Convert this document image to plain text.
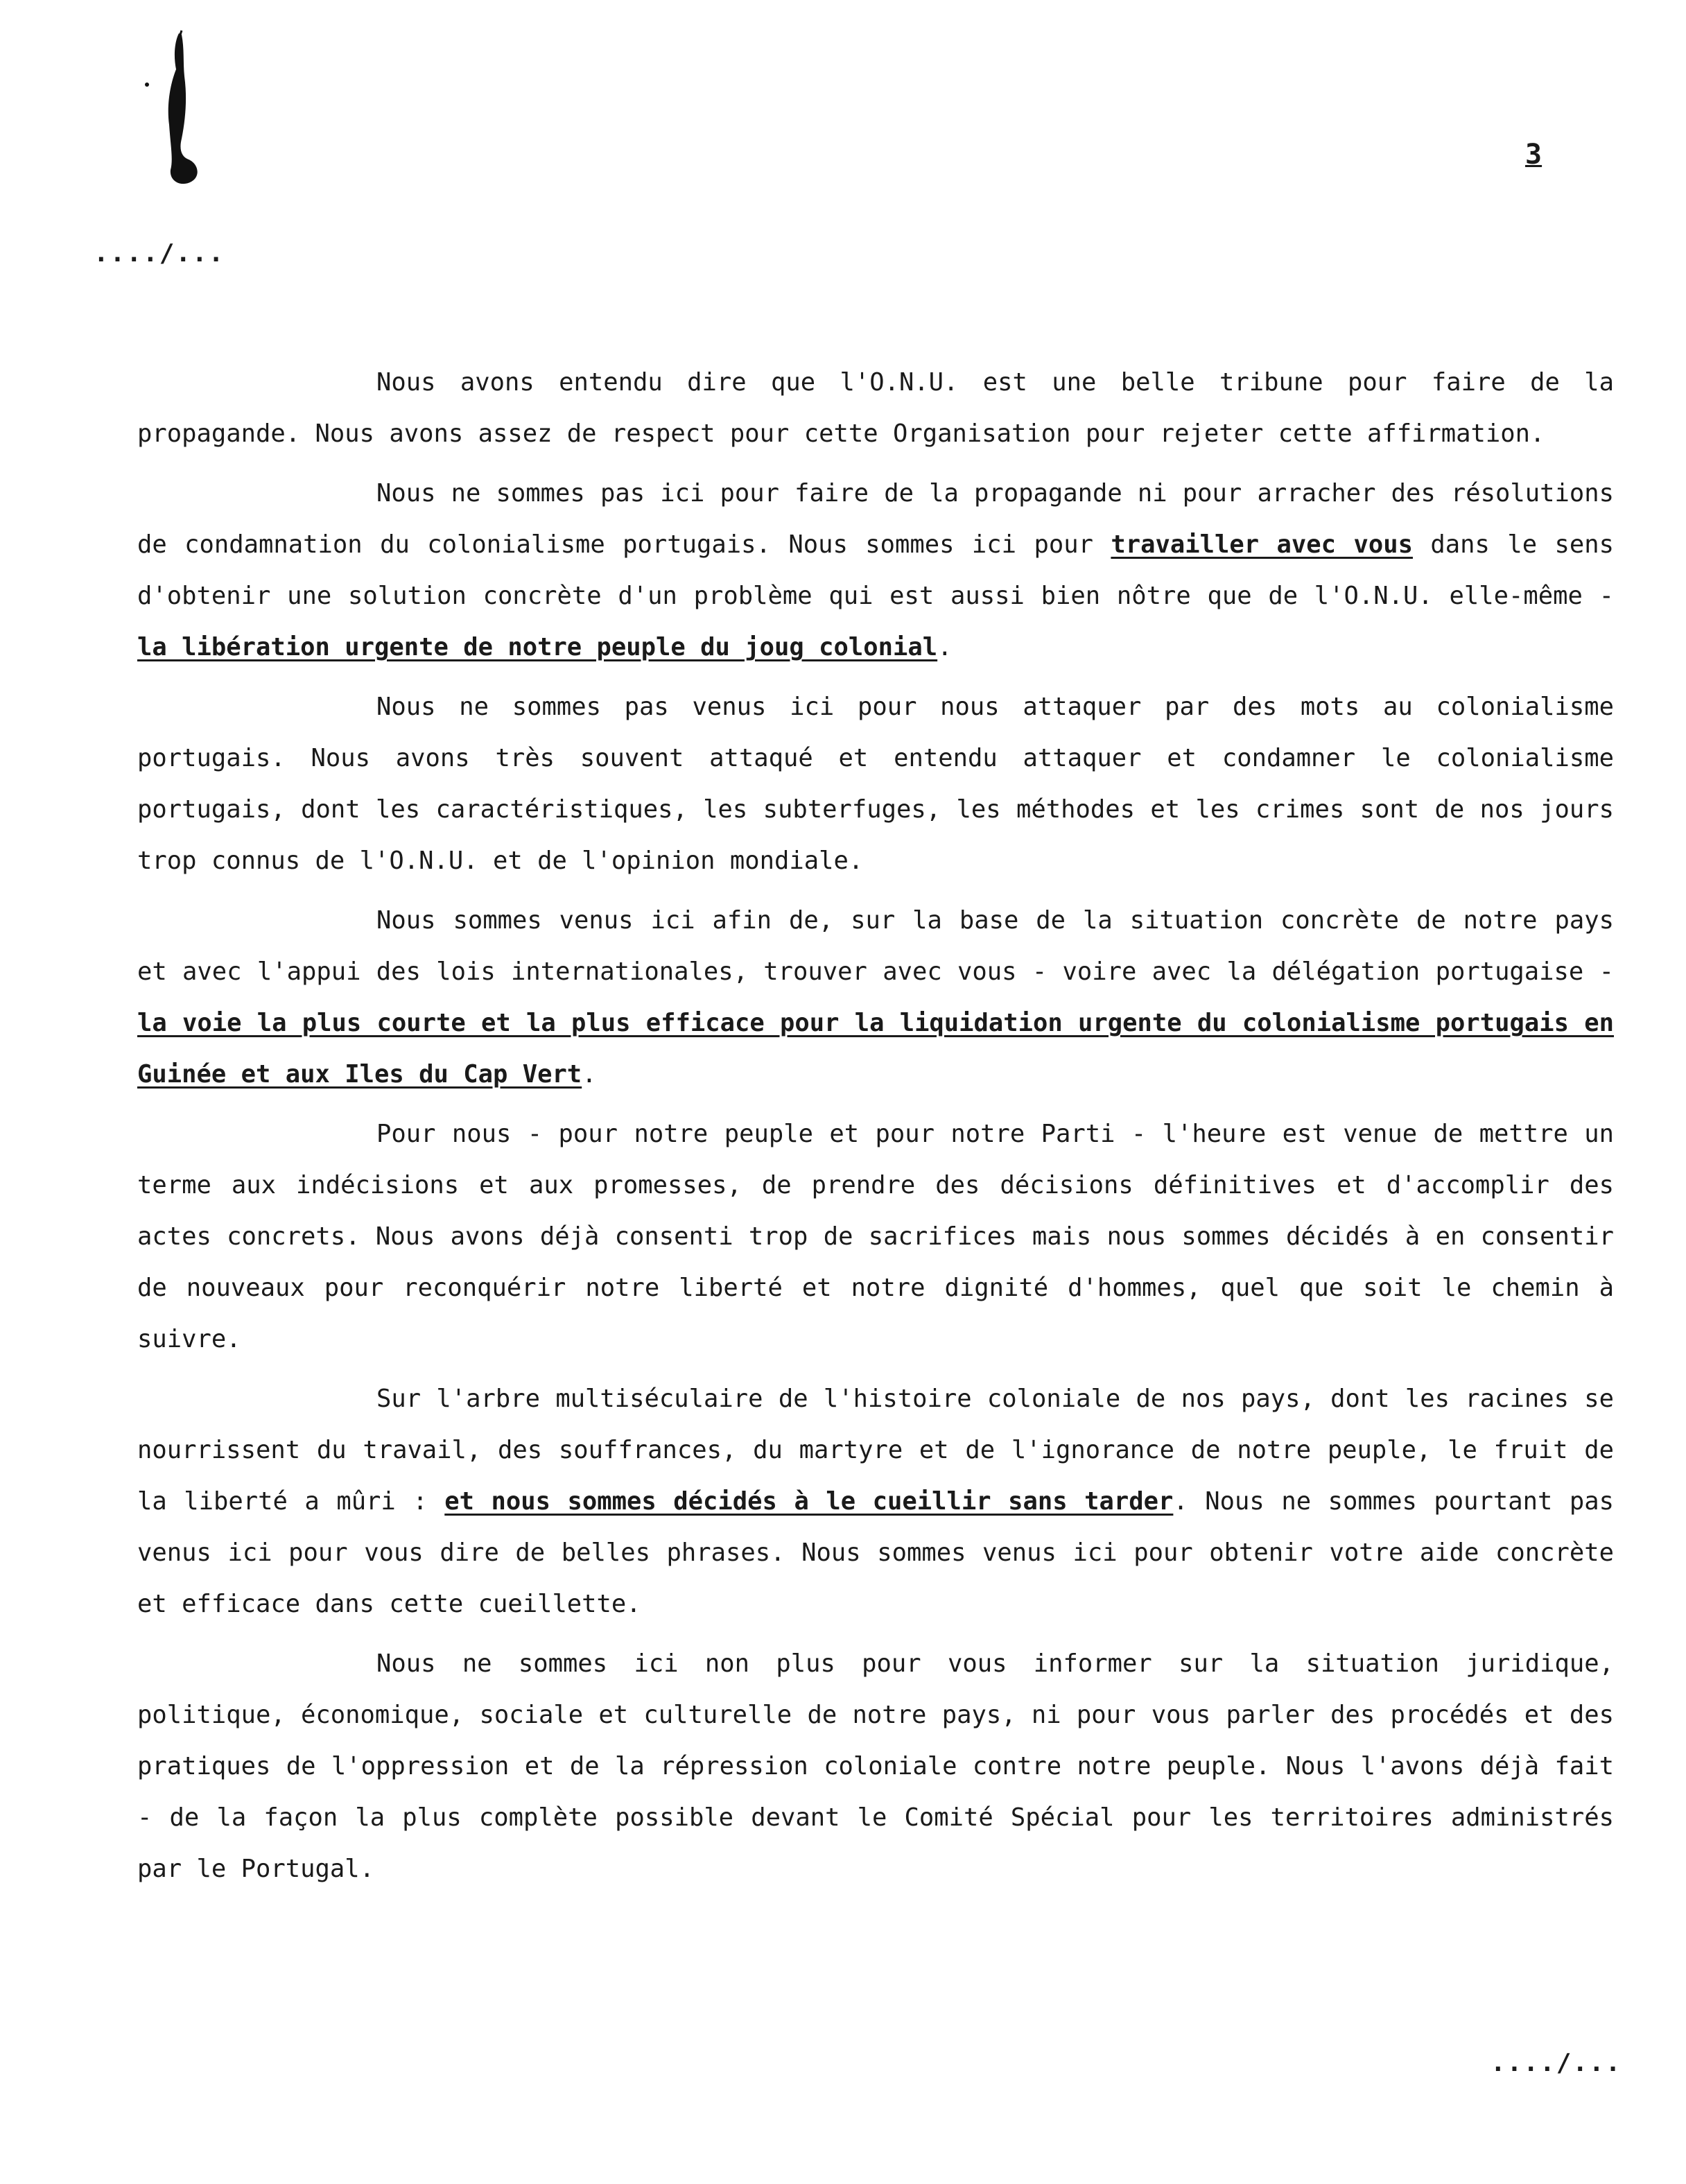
3
..../...

Nous avons entendu dire que l'O.N.U. est une belle tribune pour faire de la propagande. Nous avons assez de respect pour cette Organisation pour rejeter cette affirmation.

Nous ne sommes pas ici pour faire de la propagande ni pour arracher des résolutions de condamnation du colonialisme portugais. Nous sommes ici pour travailler avec vous dans le sens d'obtenir une solution concrète d'un problème qui est aussi bien nôtre que de l'O.N.U. elle-même - la libération urgente de notre peuple du joug colonial.

Nous ne sommes pas venus ici pour nous attaquer par des mots au colonialisme portugais. Nous avons très souvent attaqué et entendu attaquer et condamner le colonialisme portugais, dont les caractéristiques, les subterfuges, les méthodes et les crimes sont de nos jours trop connus de l'O.N.U. et de l'opinion mondiale.

Nous sommes venus ici afin de, sur la base de la situation concrète de notre pays et avec l'appui des lois internationales, trouver avec vous - voire avec la délégation portugaise - la voie la plus courte et la plus efficace pour la liquidation urgente du colonialisme portugais en Guinée et aux Iles du Cap Vert.

Pour nous - pour notre peuple et pour notre Parti - l'heure est venue de mettre un terme aux indécisions et aux promesses, de prendre des décisions définitives et d'accomplir des actes concrets. Nous avons déjà consenti trop de sacrifices mais nous sommes décidés à en consentir de nouveaux pour reconquérir notre liberté et notre dignité d'hommes, quel que soit le chemin à suivre.

Sur l'arbre multiséculaire de l'histoire coloniale de nos pays, dont les racines se nourrissent du travail, des souffrances, du martyre et de l'ignorance de notre peuple, le fruit de la liberté a mûri : et nous sommes décidés à le cueillir sans tarder. Nous ne sommes pourtant pas venus ici pour vous dire de belles phrases. Nous sommes venus ici pour obtenir votre aide concrète et efficace dans cette cueillette.

Nous ne sommes ici non plus pour vous informer sur la situation juridique, politique, économique, sociale et culturelle de notre pays, ni pour vous parler des procédés et des pratiques de l'oppression et de la répression coloniale contre notre peuple. Nous l'avons déjà fait - de la façon la plus complète possible devant le Comité Spécial pour les territoires administrés par le Portugal.

..../...
